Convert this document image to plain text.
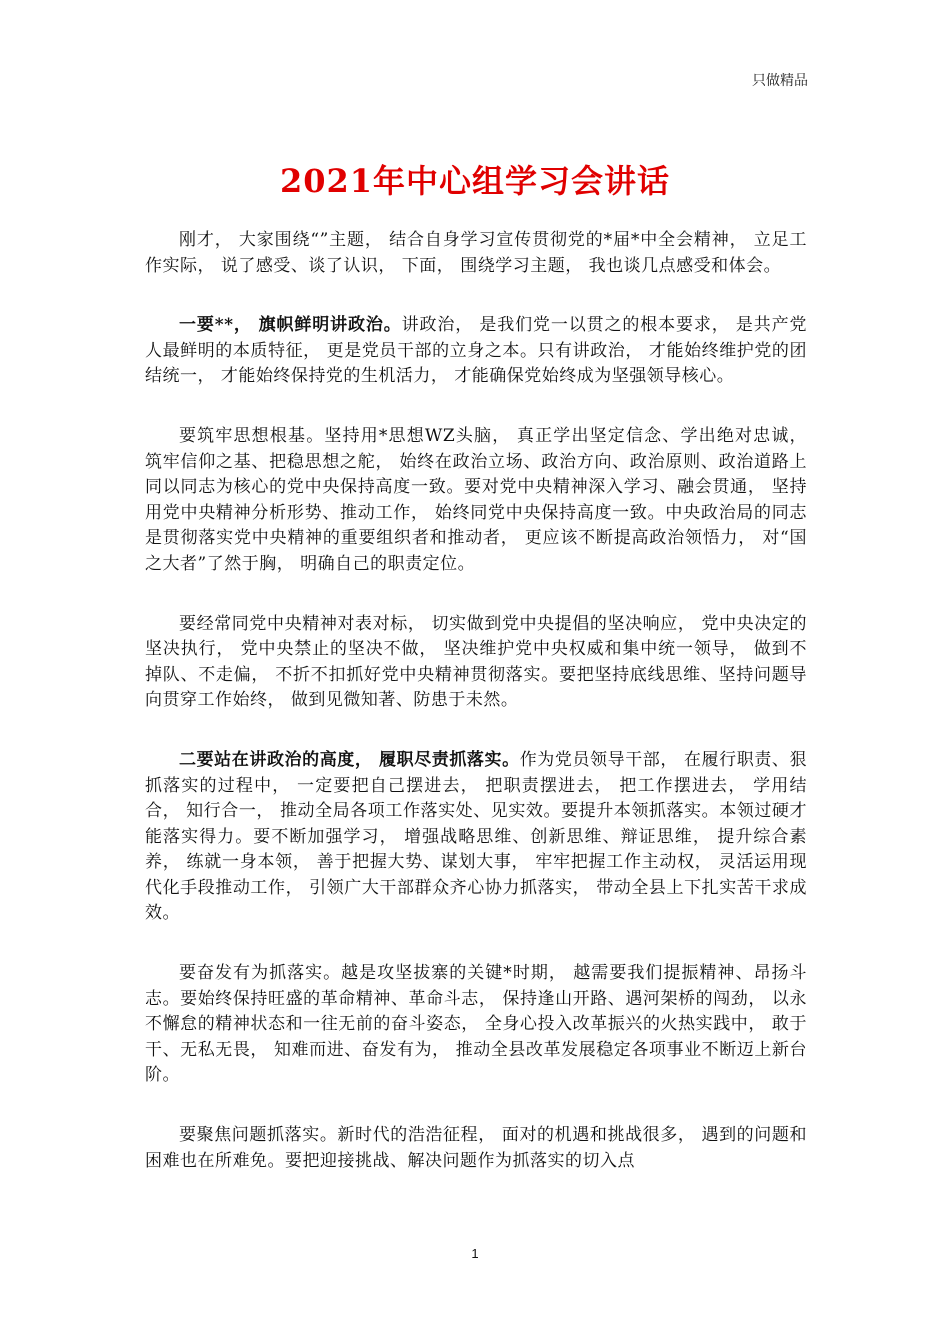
只做精品
2021年中心组学习会讲话

刚才， 大家围绕“”主题， 结合自身学习宣传贯彻党的*届*中全会精神， 立足工作实际， 说了感受、谈了认识， 下面， 围绕学习主题， 我也谈几点感受和体会。

一要**， 旗帜鲜明讲政治。讲政治， 是我们党一以贯之的根本要求， 是共产党人最鲜明的本质特征， 更是党员干部的立身之本。只有讲政治， 才能始终维护党的团结统一， 才能始终保持党的生机活力， 才能确保党始终成为坚强领导核心。

要筑牢思想根基。坚持用*思想WZ头脑， 真正学出坚定信念、学出绝对忠诚， 筑牢信仰之基、把稳思想之舵， 始终在政治立场、政治方向、政治原则、政治道路上同以同志为核心的党中央保持高度一致。要对党中央精神深入学习、融会贯通， 坚持用党中央精神分析形势、推动工作， 始终同党中央保持高度一致。中央政治局的同志是贯彻落实党中央精神的重要组织者和推动者， 更应该不断提高政治领悟力， 对“国之大者”了然于胸， 明确自己的职责定位。

要经常同党中央精神对表对标， 切实做到党中央提倡的坚决响应， 党中央决定的坚决执行， 党中央禁止的坚决不做， 坚决维护党中央权威和集中统一领导， 做到不掉队、不走偏， 不折不扣抓好党中央精神贯彻落实。要把坚持底线思维、坚持问题导向贯穿工作始终， 做到见微知著、防患于未然。

二要站在讲政治的高度， 履职尽责抓落实。作为党员领导干部， 在履行职责、狠抓落实的过程中， 一定要把自己摆进去， 把职责摆进去， 把工作摆进去， 学用结合， 知行合一， 推动全局各项工作落实处、见实效。要提升本领抓落实。本领过硬才能落实得力。要不断加强学习， 增强战略思维、创新思维、辩证思维， 提升综合素养， 练就一身本领， 善于把握大势、谋划大事， 牢牢把握工作主动权， 灵活运用现代化手段推动工作， 引领广大干部群众齐心协力抓落实， 带动全县上下扎实苦干求成效。

要奋发有为抓落实。越是攻坚拔寨的关键*时期， 越需要我们提振精神、昂扬斗志。要始终保持旺盛的革命精神、革命斗志， 保持逢山开路、遇河架桥的闯劲， 以永不懈怠的精神状态和一往无前的奋斗姿态， 全身心投入改革振兴的火热实践中， 敢于干、无私无畏， 知难而进、奋发有为， 推动全县改革发展稳定各项事业不断迈上新台阶。

要聚焦问题抓落实。新时代的浩浩征程， 面对的机遇和挑战很多， 遇到的问题和困难也在所难免。要把迎接挑战、解决问题作为抓落实的切入点

1
